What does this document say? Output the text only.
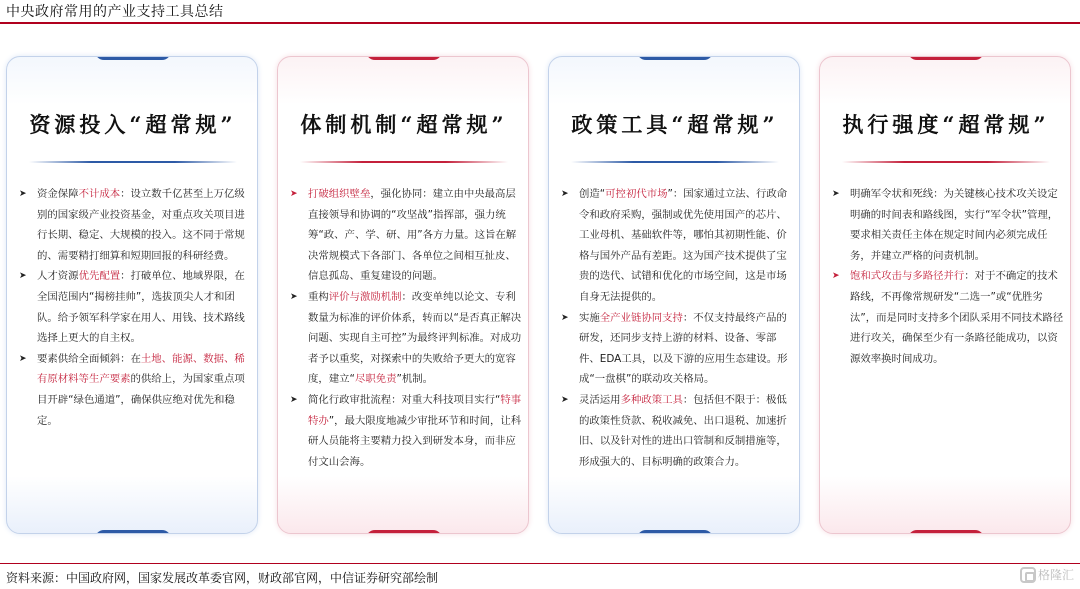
中央政府常用的产业支持工具总结
资源投入“超常规”
➤ 资金保障不计成本：设立数千亿甚至上万亿级别的国家级产业投资基金，对重点攻关项目进行长期、稳定、大规模的投入。这不同于常规的、需要精打细算和短期回报的科研经费。
➤ 人才资源优先配置：打破单位、地域界限，在全国范围内“揭榜挂帅”，选拔顶尖人才和团队。给予领军科学家在用人、用钱、技术路线选择上更大的自主权。
➤ 要素供给全面倾斜：在土地、能源、数据、稀有原材料等生产要素的供给上，为国家重点项目开辟“绿色通道”，确保供应绝对优先和稳定。
体制机制“超常规”
➤ 打破组织壁垒，强化协同：建立由中央最高层直接领导和协调的“攻坚战”指挥部，强力统筹“政、产、学、研、用”各方力量。这旨在解决常规模式下各部门、各单位之间相互扯皮、信息孤岛、重复建设的问题。
➤ 重构评价与激励机制：改变单纯以论文、专利数量为标准的评价体系，转而以“是否真正解决问题、实现自主可控”为最终评判标准。对成功者予以重奖，对探索中的失败给予更大的宽容度，建立“尽职免责”机制。
➤ 简化行政审批流程：对重大科技项目实行“特事特办”，最大限度地减少审批环节和时间，让科研人员能将主要精力投入到研发本身，而非应付文山会海。
政策工具“超常规”
➤ 创造“可控初代市场”：国家通过立法、行政命令和政府采购，强制或优先使用国产的芯片、工业母机、基础软件等，哪怕其初期性能、价格与国外产品有差距。这为国产技术提供了宝贵的迭代、试错和优化的市场空间，这是市场自身无法提供的。
➤ 实施全产业链协同支持：不仅支持最终产品的研发，还同步支持上游的材料、设备、零部件、EDA工具，以及下游的应用生态建设。形成“一盘棋”的联动攻关格局。
➤ 灵活运用多种政策工具：包括但不限于：极低的政策性贷款、税收减免、出口退税、加速折旧、以及针对性的进出口管制和反制措施等，形成强大的、目标明确的政策合力。
执行强度“超常规”
➤ 明确军令状和死线：为关键核心技术攻关设定明确的时间表和路线图，实行“军令状”管理，要求相关责任主体在规定时间内必须完成任务，并建立严格的问责机制。
➤ 饱和式攻击与多路径并行：对于不确定的技术路线，不再像常规研发“二选一”或“优胜劣汰”，而是同时支持多个团队采用不同技术路径进行攻关，确保至少有一条路径能成功，以资源效率换时间成功。
资料来源：中国政府网，国家发展改革委官网，财政部官网，中信证券研究部绘制	格隆汇
